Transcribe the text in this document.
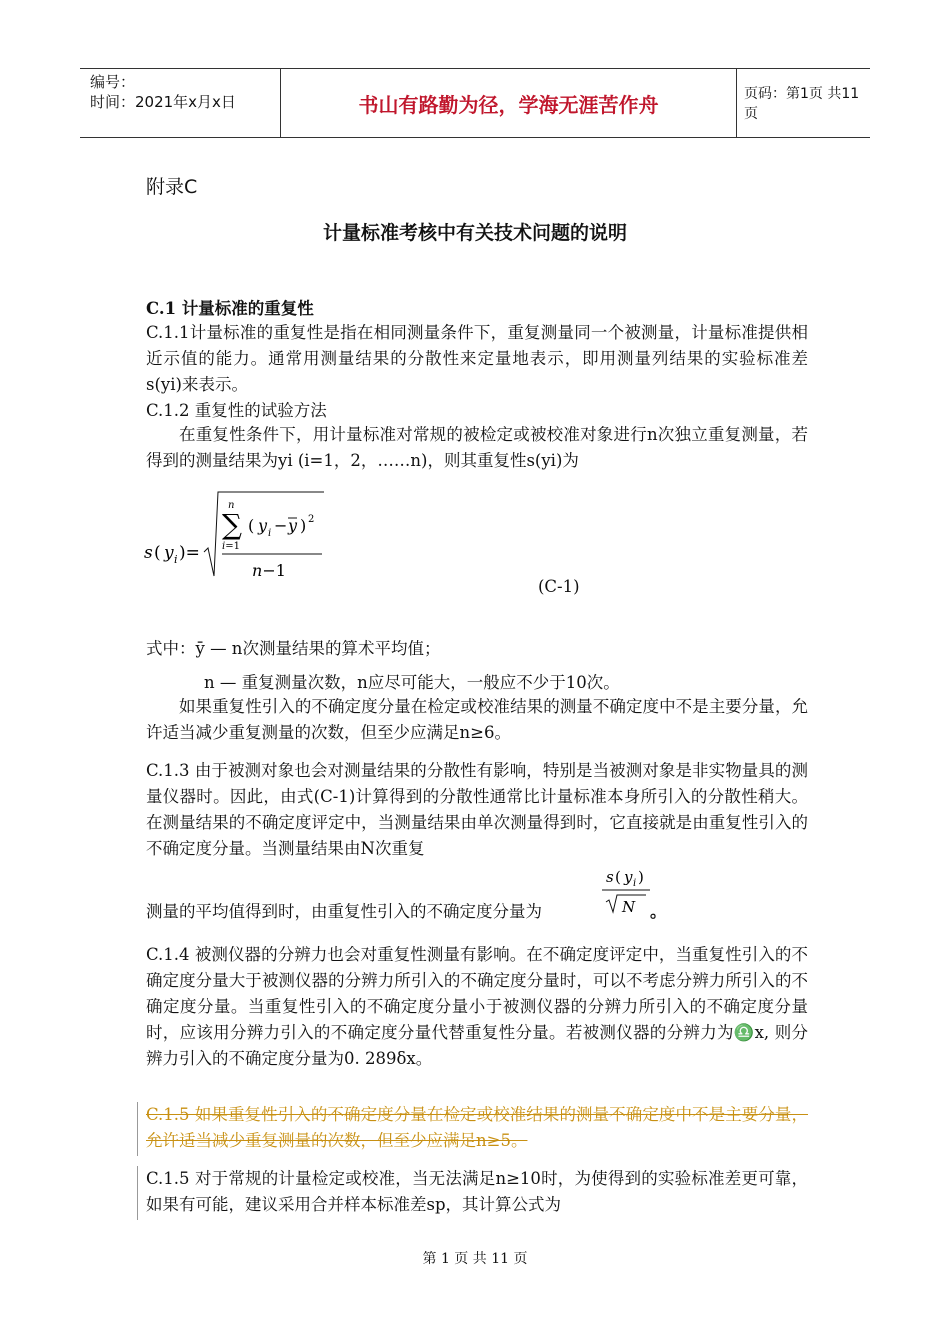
编号：
时间：2021年x月x日	书山有路勤为径，学海无涯苦作舟	页码：第1页 共11页
附录C
计量标准考核中有关技术问题的说明
C.1 计量标准的重复性
C.1.1计量标准的重复性是指在相同测量条件下，重复测量同一个被测量，计量标准提供相近示值的能力。通常用测量结果的分散性来定量地表示，即用测量列结果的实验标准差s(yi)来表示。
C.1.2 重复性的试验方法
在重复性条件下，用计量标准对常规的被检定或被校准对象进行n次独立重复测量，若得到的测量结果为yi (i=1，2，……n)，则其重复性s(yi)为
s ( y i )=
n
∑
i=1
( y i − y ) 2
n−1
(C-1)
式中：ȳ — n次测量结果的算术平均值；
n — 重复测量次数，n应尽可能大，一般应不少于10次。
如果重复性引入的不确定度分量在检定或校准结果的测量不确定度中不是主要分量，允许适当减少重复测量的次数，但至少应满足n≥6。
C.1.3 由于被测对象也会对测量结果的分散性有影响，特别是当被测对象是非实物量具的测量仪器时。因此，由式(C-1)计算得到的分散性通常比计量标准本身所引入的分散性稍大。在测量结果的不确定度评定中，当测量结果由单次测量得到时，它直接就是由重复性引入的不确定度分量。当测量结果由N次重复
s ( y i )
N
测量的平均值得到时，由重复性引入的不确定度分量为	。
C.1.4 被测仪器的分辨力也会对重复性测量有影响。在不确定度评定中，当重复性引入的不确定度分量大于被测仪器的分辨力所引入的不确定度分量时，可以不考虑分辨力所引入的不确定度分量。当重复性引入的不确定度分量小于被测仪器的分辨力所引入的不确定度分量时，应该用分辨力引入的不确定度分量代替重复性分量。若被测仪器的分辨力为♎x, 则分辨力引入的不确定度分量为0. 289δx。
C.1.5 如果重复性引入的不确定度分量在检定或校准结果的测量不确定度中不是主要分量，允许适当减少重复测量的次数，但至少应满足n≥5。
C.1.5 对于常规的计量检定或校准，当无法满足n≥10时，为使得到的实验标准差更可靠，如果有可能，建议采用合并样本标准差sp，其计算公式为
第 1 页 共 11 页
